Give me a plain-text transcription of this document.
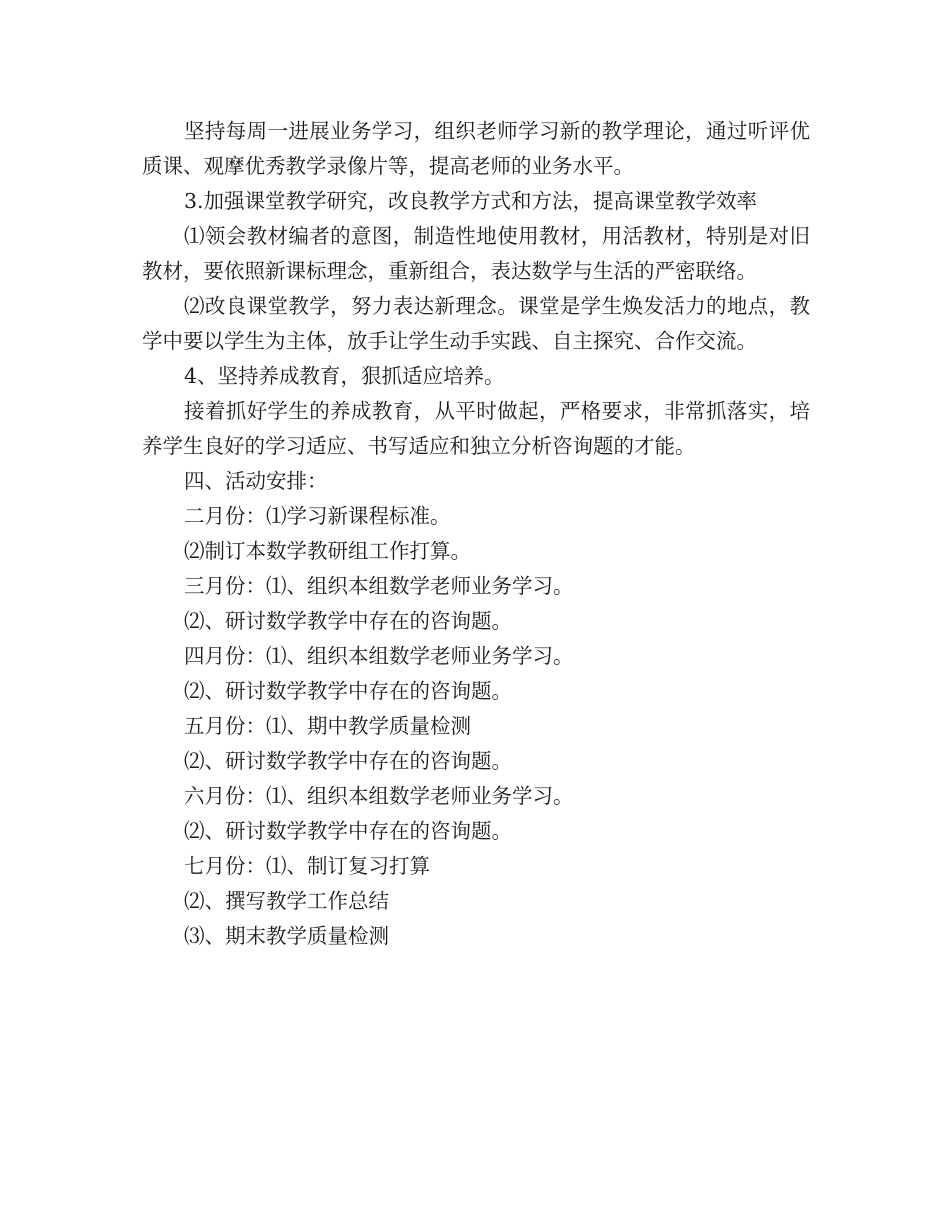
坚持每周一进展业务学习，组织老师学习新的教学理论，通过听评优质课、观摩优秀教学录像片等，提高老师的业务水平。

3.加强课堂教学研究，改良教学方式和方法，提高课堂教学效率

⑴领会教材编者的意图，制造性地使用教材，用活教材，特别是对旧教材，要依照新课标理念，重新组合，表达数学与生活的严密联络。

⑵改良课堂教学，努力表达新理念。课堂是学生焕发活力的地点，教学中要以学生为主体，放手让学生动手实践、自主探究、合作交流。

4、坚持养成教育，狠抓适应培养。

接着抓好学生的养成教育，从平时做起，严格要求，非常抓落实，培养学生良好的学习适应、书写适应和独立分析咨询题的才能。

四、活动安排：

二月份：⑴学习新课程标准。

⑵制订本数学教研组工作打算。

三月份：⑴、组织本组数学老师业务学习。

⑵、研讨数学教学中存在的咨询题。

四月份：⑴、组织本组数学老师业务学习。

⑵、研讨数学教学中存在的咨询题。

五月份：⑴、期中教学质量检测

⑵、研讨数学教学中存在的咨询题。

六月份：⑴、组织本组数学老师业务学习。

⑵、研讨数学教学中存在的咨询题。

七月份：⑴、制订复习打算

⑵、撰写教学工作总结

⑶、期末教学质量检测
